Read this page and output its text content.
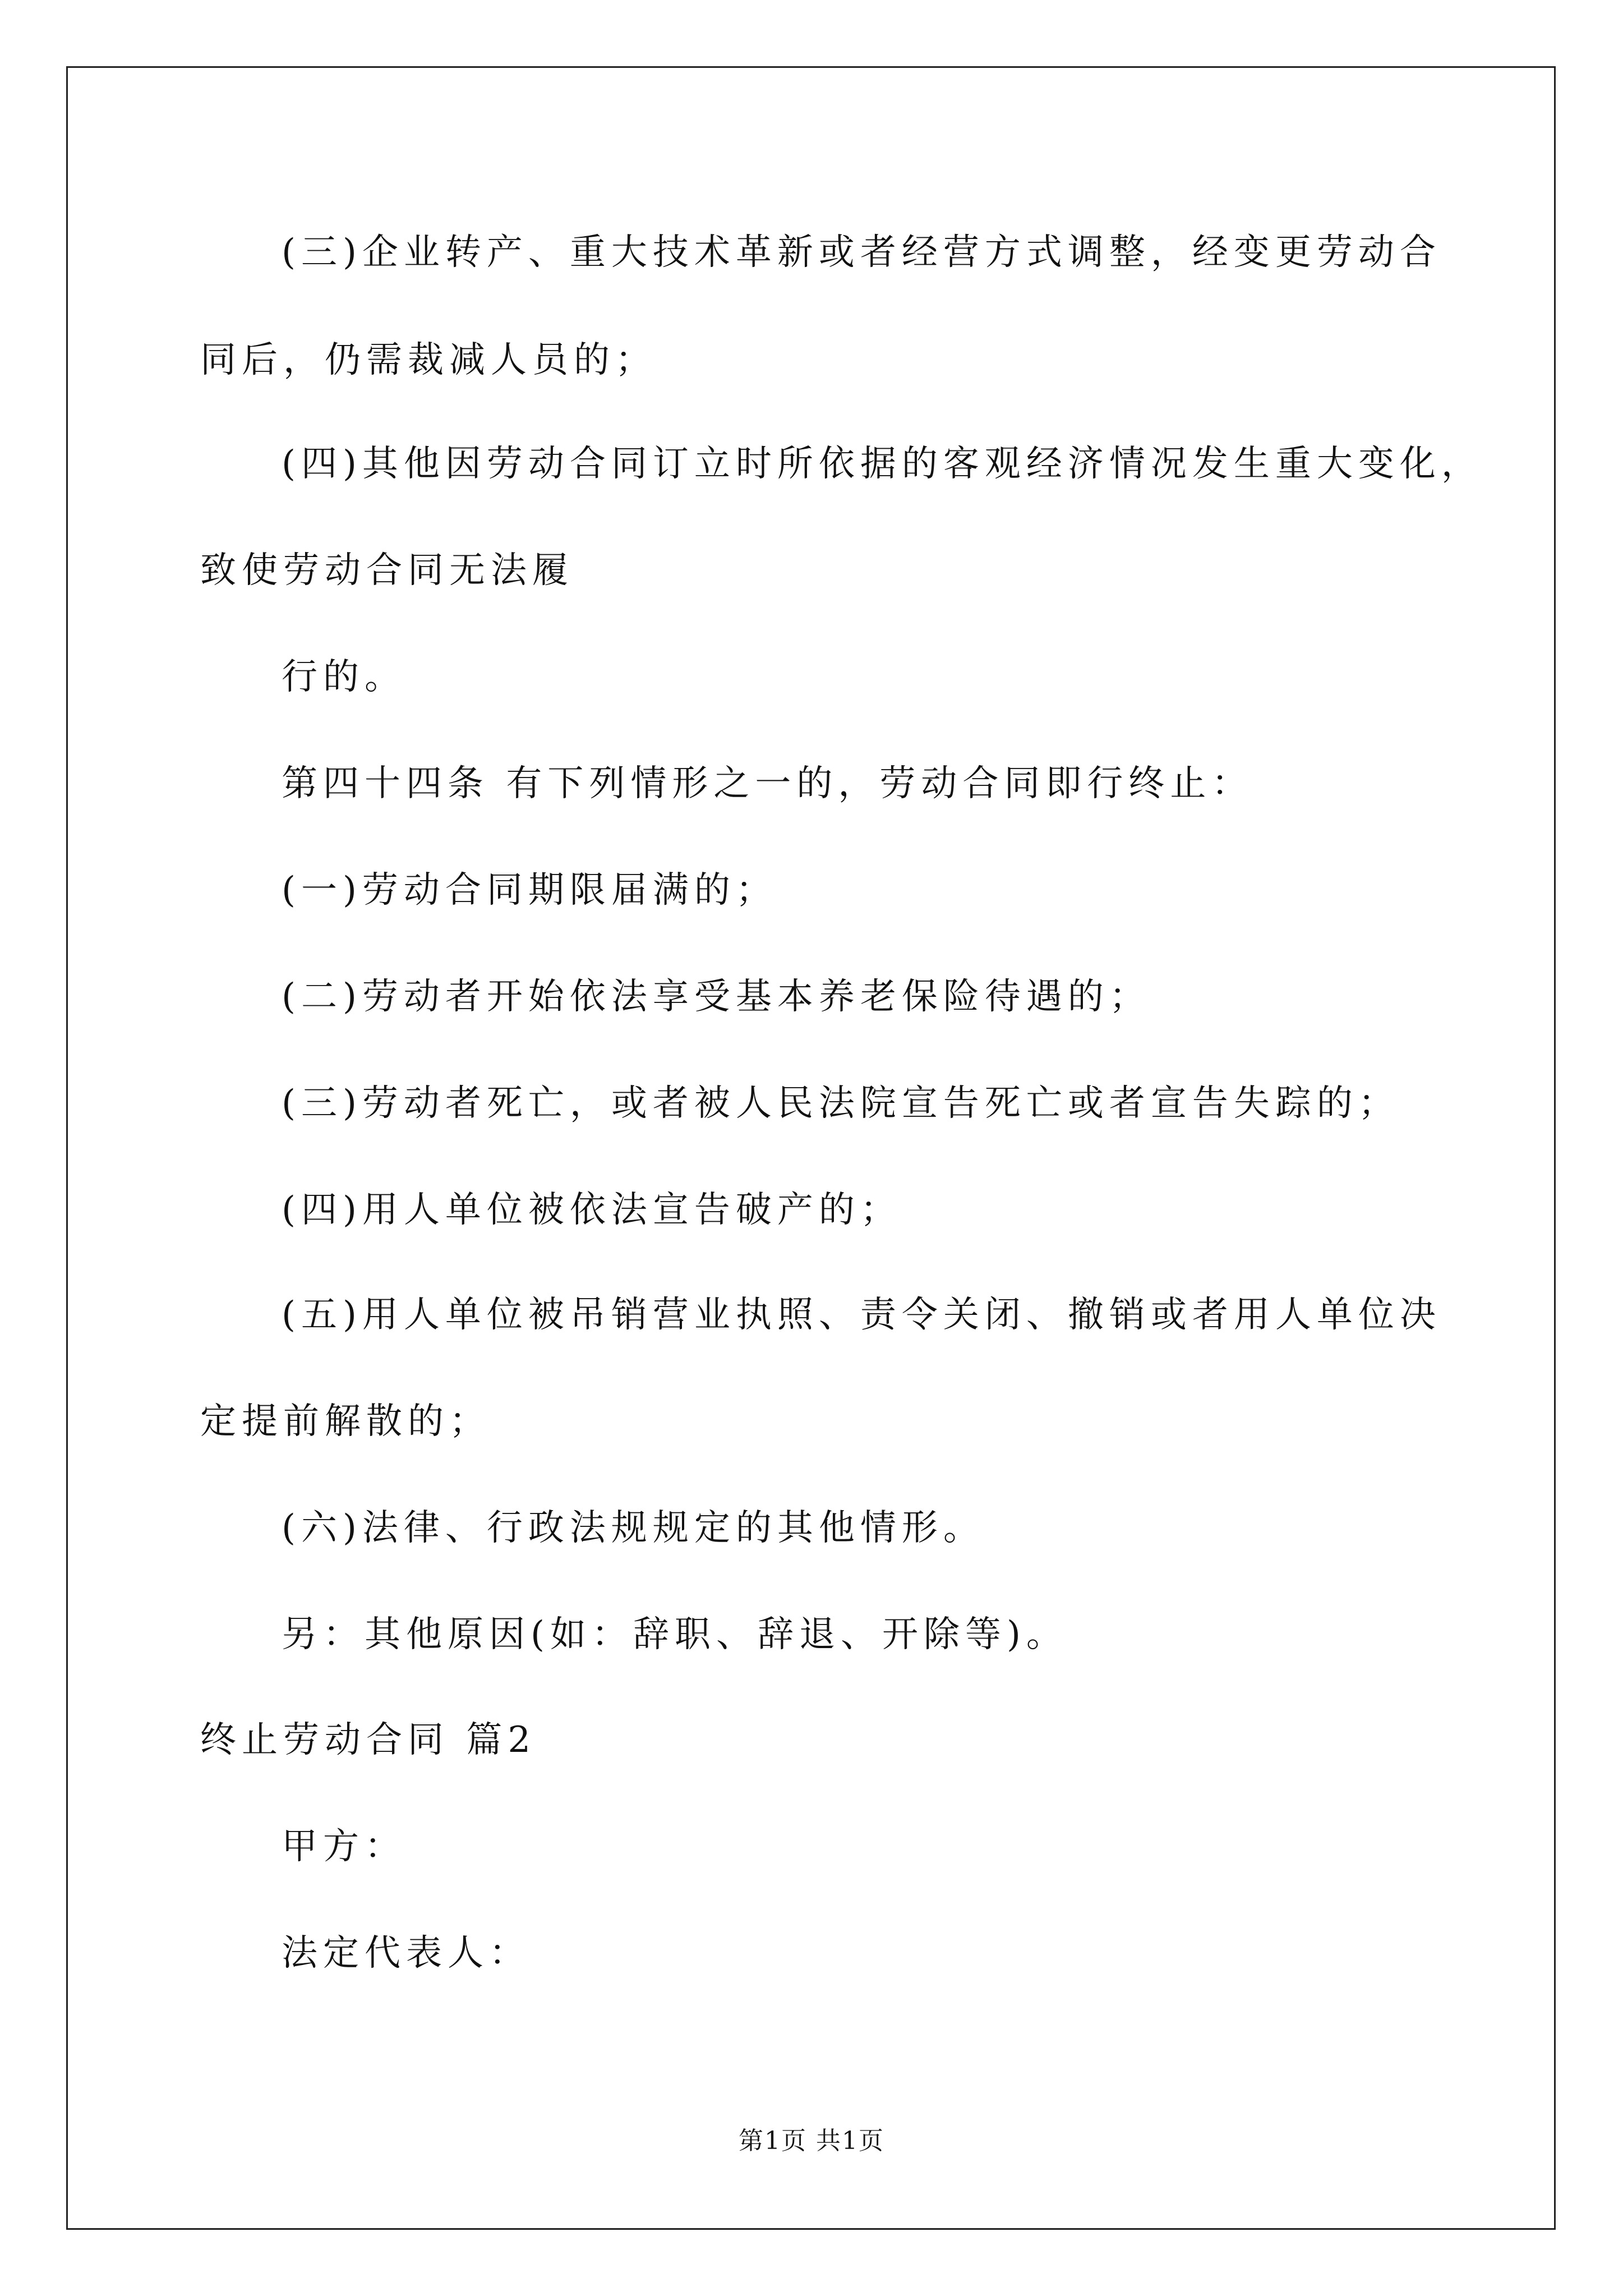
(三)企业转产、重大技术革新或者经营方式调整，经变更劳动合

同后，仍需裁减人员的；

(四)其他因劳动合同订立时所依据的客观经济情况发生重大变化，

致使劳动合同无法履

行的。

第四十四条 有下列情形之一的，劳动合同即行终止：

(一)劳动合同期限届满的；

(二)劳动者开始依法享受基本养老保险待遇的；

(三)劳动者死亡，或者被人民法院宣告死亡或者宣告失踪的；

(四)用人单位被依法宣告破产的；

(五)用人单位被吊销营业执照、责令关闭、撤销或者用人单位决

定提前解散的；

(六)法律、行政法规规定的其他情形。

另：其他原因(如：辞职、辞退、开除等)。

终止劳动合同 篇2

甲方：

法定代表人：

第1页 共1页
